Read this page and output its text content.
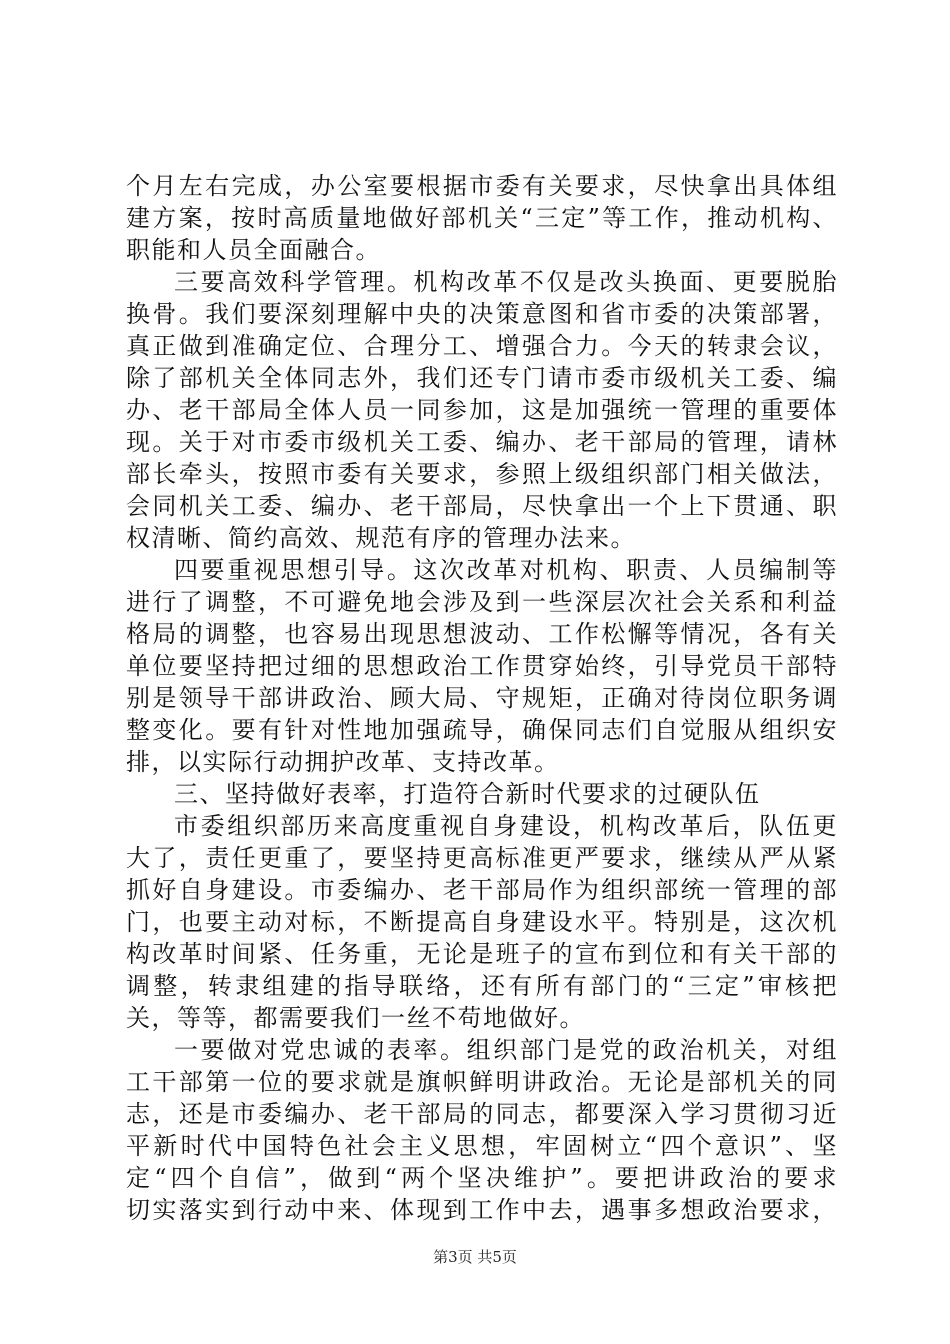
个月左右完成，办公室要根据市委有关要求，尽快拿出具体组
建方案，按时高质量地做好部机关“三定”等工作，推动机构、
职能和人员全面融合。
三要高效科学管理。机构改革不仅是改头换面、更要脱胎
换骨。我们要深刻理解中央的决策意图和省市委的决策部署，
真正做到准确定位、合理分工、增强合力。今天的转隶会议，
除了部机关全体同志外，我们还专门请市委市级机关工委、编
办、老干部局全体人员一同参加，这是加强统一管理的重要体
现。关于对市委市级机关工委、编办、老干部局的管理，请林
部长牵头，按照市委有关要求，参照上级组织部门相关做法，
会同机关工委、编办、老干部局，尽快拿出一个上下贯通、职
权清晰、简约高效、规范有序的管理办法来。
四要重视思想引导。这次改革对机构、职责、人员编制等
进行了调整，不可避免地会涉及到一些深层次社会关系和利益
格局的调整，也容易出现思想波动、工作松懈等情况，各有关
单位要坚持把过细的思想政治工作贯穿始终，引导党员干部特
别是领导干部讲政治、顾大局、守规矩，正确对待岗位职务调
整变化。要有针对性地加强疏导，确保同志们自觉服从组织安
排，以实际行动拥护改革、支持改革。
三、坚持做好表率，打造符合新时代要求的过硬队伍
市委组织部历来高度重视自身建设，机构改革后，队伍更
大了，责任更重了，要坚持更高标准更严要求，继续从严从紧
抓好自身建设。市委编办、老干部局作为组织部统一管理的部
门，也要主动对标，不断提高自身建设水平。特别是，这次机
构改革时间紧、任务重，无论是班子的宣布到位和有关干部的
调整，转隶组建的指导联络，还有所有部门的“三定”审核把
关，等等，都需要我们一丝不苟地做好。
一要做对党忠诚的表率。组织部门是党的政治机关，对组
工干部第一位的要求就是旗帜鲜明讲政治。无论是部机关的同
志，还是市委编办、老干部局的同志，都要深入学习贯彻习近
平新时代中国特色社会主义思想，牢固树立“四个意识”、坚
定“四个自信”，做到“两个坚决维护”。要把讲政治的要求
切实落实到行动中来、体现到工作中去，遇事多想政治要求，
第3页 共5页
